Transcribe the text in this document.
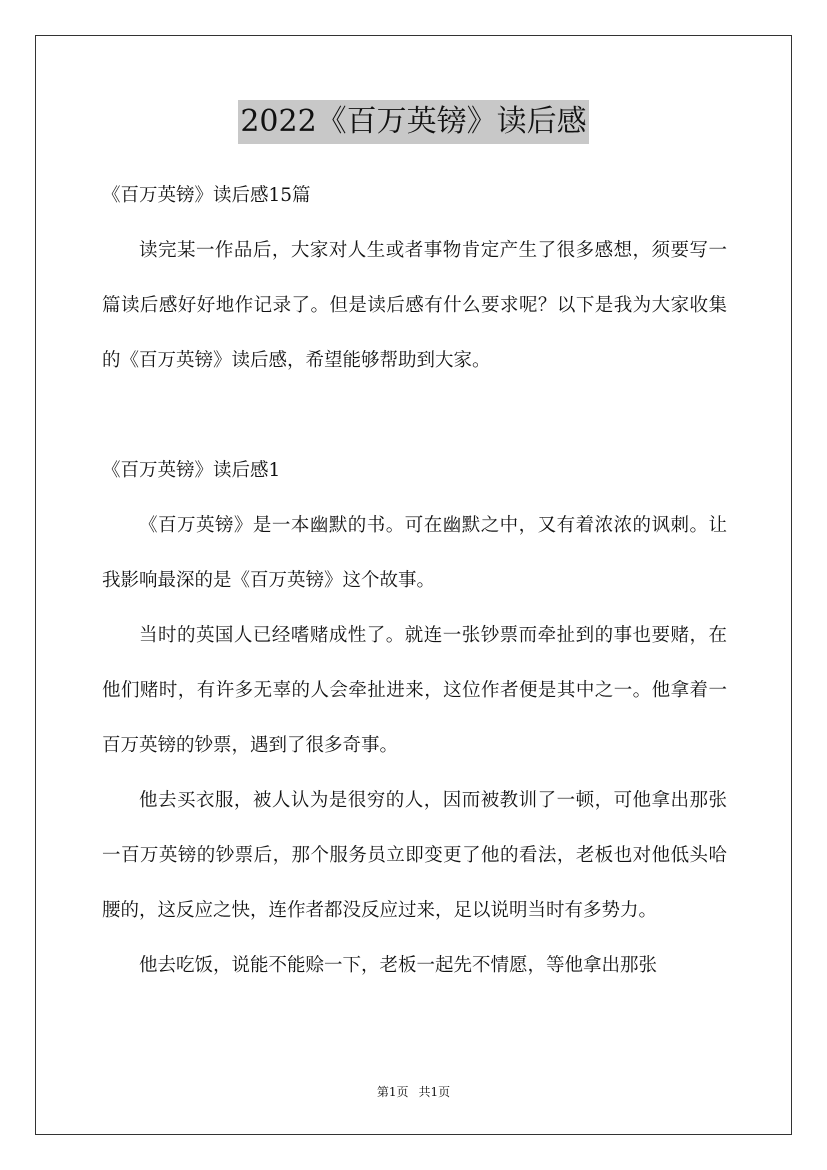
2022《百万英镑》读后感

《百万英镑》读后感15篇

读完某一作品后，大家对人生或者事物肯定产生了很多感想，须要写一篇读后感好好地作记录了。但是读后感有什么要求呢？以下是我为大家收集的《百万英镑》读后感，希望能够帮助到大家。

《百万英镑》读后感1

《百万英镑》是一本幽默的书。可在幽默之中，又有着浓浓的讽刺。让我影响最深的是《百万英镑》这个故事。

当时的英国人已经嗜赌成性了。就连一张钞票而牵扯到的事也要赌，在他们赌时，有许多无辜的人会牵扯进来，这位作者便是其中之一。他拿着一百万英镑的钞票，遇到了很多奇事。

他去买衣服，被人认为是很穷的人，因而被教训了一顿，可他拿出那张一百万英镑的钞票后，那个服务员立即变更了他的看法，老板也对他低头哈腰的，这反应之快，连作者都没反应过来，足以说明当时有多势力。

他去吃饭，说能不能赊一下，老板一起先不情愿，等他拿出那张

第1页 共1页
